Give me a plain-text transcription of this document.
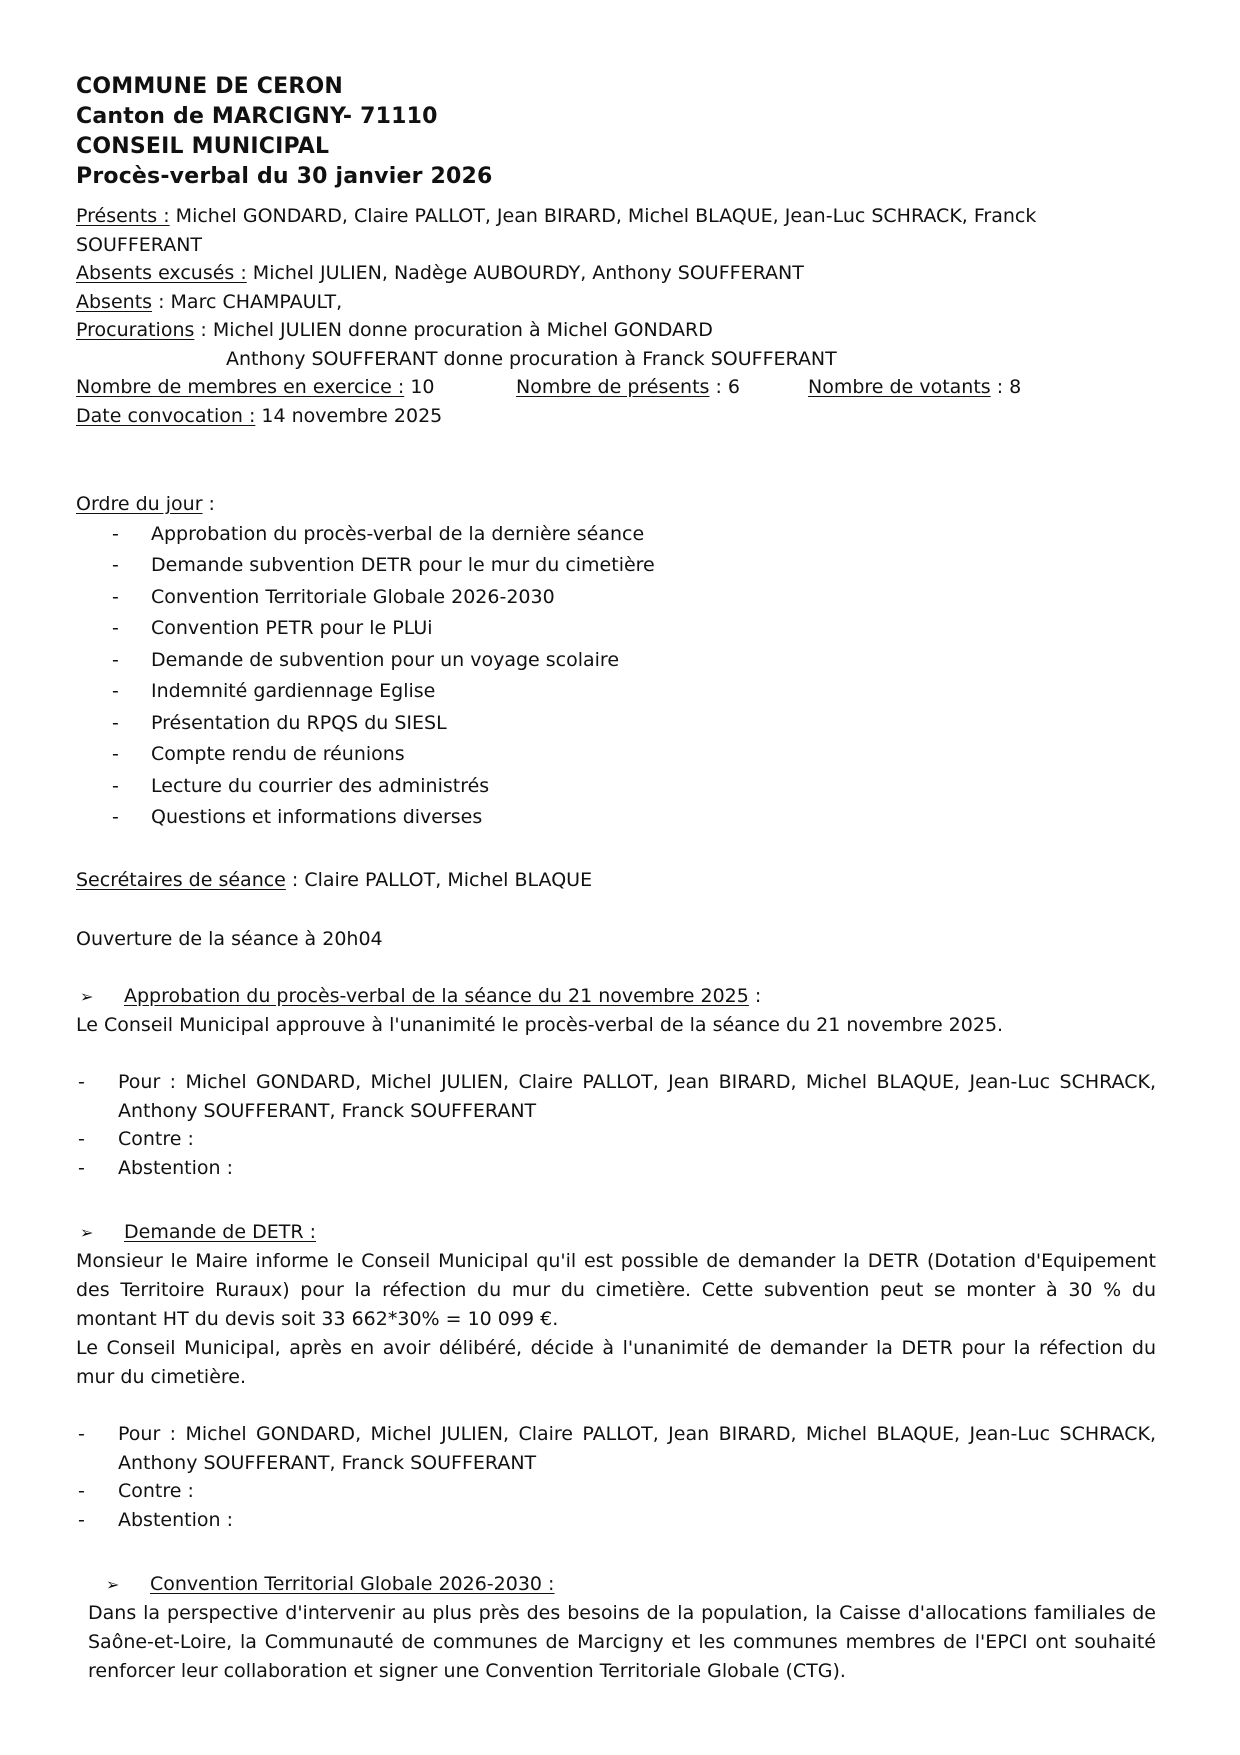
COMMUNE DE CERON
Canton de MARCIGNY- 71110
CONSEIL MUNICIPAL
Procès-verbal du 30 janvier 2026
Présents : Michel GONDARD, Claire PALLOT, Jean BIRARD, Michel BLAQUE, Jean-Luc SCHRACK, Franck
SOUFFERANT
Absents excusés : Michel JULIEN, Nadège AUBOURDY, Anthony SOUFFERANT
Absents : Marc CHAMPAULT,
Procurations : Michel JULIEN donne procuration à Michel GONDARD
Anthony SOUFFERANT donne procuration à Franck SOUFFERANT
Nombre de membres en exercice : 10	Nombre de présents : 6	Nombre de votants : 8
Date convocation : 14 novembre 2025
Ordre du jour :
- Approbation du procès-verbal de la dernière séance
- Demande subvention DETR pour le mur du cimetière
- Convention Territoriale Globale 2026-2030
- Convention PETR pour le PLUi
- Demande de subvention pour un voyage scolaire
- Indemnité gardiennage Eglise
- Présentation du RPQS du SIESL
- Compte rendu de réunions
- Lecture du courrier des administrés
- Questions et informations diverses
Secrétaires de séance : Claire PALLOT, Michel BLAQUE
Ouverture de la séance à 20h04
➢ Approbation du procès-verbal de la séance du 21 novembre 2025 :
Le Conseil Municipal approuve à l'unanimité le procès-verbal de la séance du 21 novembre 2025.
- Pour : Michel GONDARD, Michel JULIEN, Claire PALLOT, Jean BIRARD, Michel BLAQUE, Jean-Luc SCHRACK, Anthony SOUFFERANT, Franck SOUFFERANT
- Contre :
- Abstention :
➢ Demande de DETR :
Monsieur le Maire informe le Conseil Municipal qu'il est possible de demander la DETR (Dotation d'Equipement des Territoire Ruraux) pour la réfection du mur du cimetière. Cette subvention peut se monter à 30 % du montant HT du devis soit 33 662*30% = 10 099 €.
Le Conseil Municipal, après en avoir délibéré, décide à l'unanimité de demander la DETR pour la réfection du mur du cimetière.
- Pour : Michel GONDARD, Michel JULIEN, Claire PALLOT, Jean BIRARD, Michel BLAQUE, Jean-Luc SCHRACK, Anthony SOUFFERANT, Franck SOUFFERANT
- Contre :
- Abstention :
➢ Convention Territorial Globale 2026-2030 :
Dans la perspective d'intervenir au plus près des besoins de la population, la Caisse d'allocations familiales de Saône-et-Loire, la Communauté de communes de Marcigny et les communes membres de l'EPCI ont souhaité renforcer leur collaboration et signer une Convention Territoriale Globale (CTG).
